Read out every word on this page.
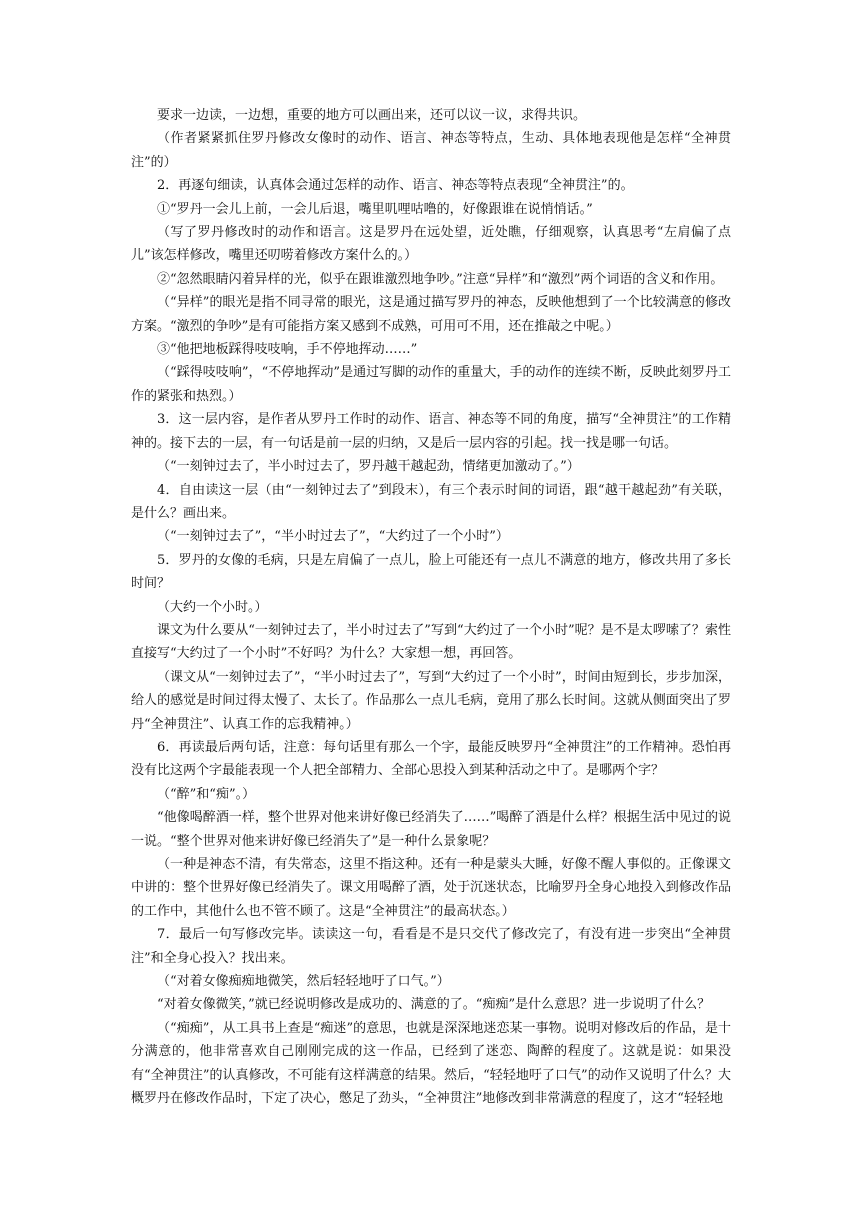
要求一边读，一边想，重要的地方可以画出来，还可以议一议，求得共识。

（作者紧紧抓住罗丹修改女像时的动作、语言、神态等特点，生动、具体地表现他是怎样“全神贯注”的）

2．再逐句细读，认真体会通过怎样的动作、语言、神态等特点表现“全神贯注”的。

①“罗丹一会儿上前，一会儿后退，嘴里叽哩咕噜的，好像跟谁在说悄悄话。”

（写了罗丹修改时的动作和语言。这是罗丹在远处望，近处瞧，仔细观察，认真思考“左肩偏了点儿”该怎样修改，嘴里还叨唠着修改方案什么的。）

②“忽然眼睛闪着异样的光，似乎在跟谁激烈地争吵。”注意“异样”和“激烈”两个词语的含义和作用。

（“异样”的眼光是指不同寻常的眼光，这是通过描写罗丹的神态，反映他想到了一个比较满意的修改方案。“激烈的争吵”是有可能指方案又感到不成熟，可用可不用，还在推敲之中呢。）

③“他把地板踩得吱吱响，手不停地挥动……”

（“踩得吱吱响”，“不停地挥动”是通过写脚的动作的重量大，手的动作的连续不断，反映此刻罗丹工作的紧张和热烈。）

3．这一层内容，是作者从罗丹工作时的动作、语言、神态等不同的角度，描写“全神贯注”的工作精神的。接下去的一层，有一句话是前一层的归纳，又是后一层内容的引起。找一找是哪一句话。

（“一刻钟过去了，半小时过去了，罗丹越干越起劲，情绪更加激动了。”）

4．自由读这一层（由“一刻钟过去了”到段末），有三个表示时间的词语，跟“越干越起劲”有关联，是什么？画出来。

（“一刻钟过去了”，“半小时过去了”，“大约过了一个小时”）

5．罗丹的女像的毛病，只是左肩偏了一点儿，脸上可能还有一点儿不满意的地方，修改共用了多长时间？

（大约一个小时。）

课文为什么要从“一刻钟过去了，半小时过去了”写到“大约过了一个小时”呢？是不是太啰嗦了？索性直接写“大约过了一个小时”不好吗？为什么？大家想一想，再回答。

（课文从“一刻钟过去了”，“半小时过去了”，写到“大约过了一个小时”，时间由短到长，步步加深，给人的感觉是时间过得太慢了、太长了。作品那么一点儿毛病，竟用了那么长时间。这就从侧面突出了罗丹“全神贯注”、认真工作的忘我精神。）

6．再读最后两句话，注意：每句话里有那么一个字，最能反映罗丹“全神贯注”的工作精神。恐怕再没有比这两个字最能表现一个人把全部精力、全部心思投入到某种活动之中了。是哪两个字？

（“醉”和“痴”。）

“他像喝醉酒一样，整个世界对他来讲好像已经消失了……”喝醉了酒是什么样？根据生活中见过的说一说。“整个世界对他来讲好像已经消失了”是一种什么景象呢？

（一种是神态不清，有失常态，这里不指这种。还有一种是蒙头大睡，好像不醒人事似的。正像课文中讲的：整个世界好像已经消失了。课文用喝醉了酒，处于沉迷状态，比喻罗丹全身心地投入到修改作品的工作中，其他什么也不管不顾了。这是“全神贯注”的最高状态。）

7．最后一句写修改完毕。读读这一句，看看是不是只交代了修改完了，有没有进一步突出“全神贯注”和全身心投入？找出来。

（“对着女像痴痴地微笑，然后轻轻地吁了口气。”）

“对着女像微笑，”就已经说明修改是成功的、满意的了。“痴痴”是什么意思？进一步说明了什么？

（“痴痴”，从工具书上查是“痴迷”的意思，也就是深深地迷恋某一事物。说明对修改后的作品，是十分满意的，他非常喜欢自己刚刚完成的这一作品，已经到了迷恋、陶醉的程度了。这就是说：如果没有“全神贯注”的认真修改，不可能有这样满意的结果。然后，“轻轻地吁了口气”的动作又说明了什么？大概罗丹在修改作品时，下定了决心，憋足了劲头，“全神贯注”地修改到非常满意的程度了，这才“轻轻地
